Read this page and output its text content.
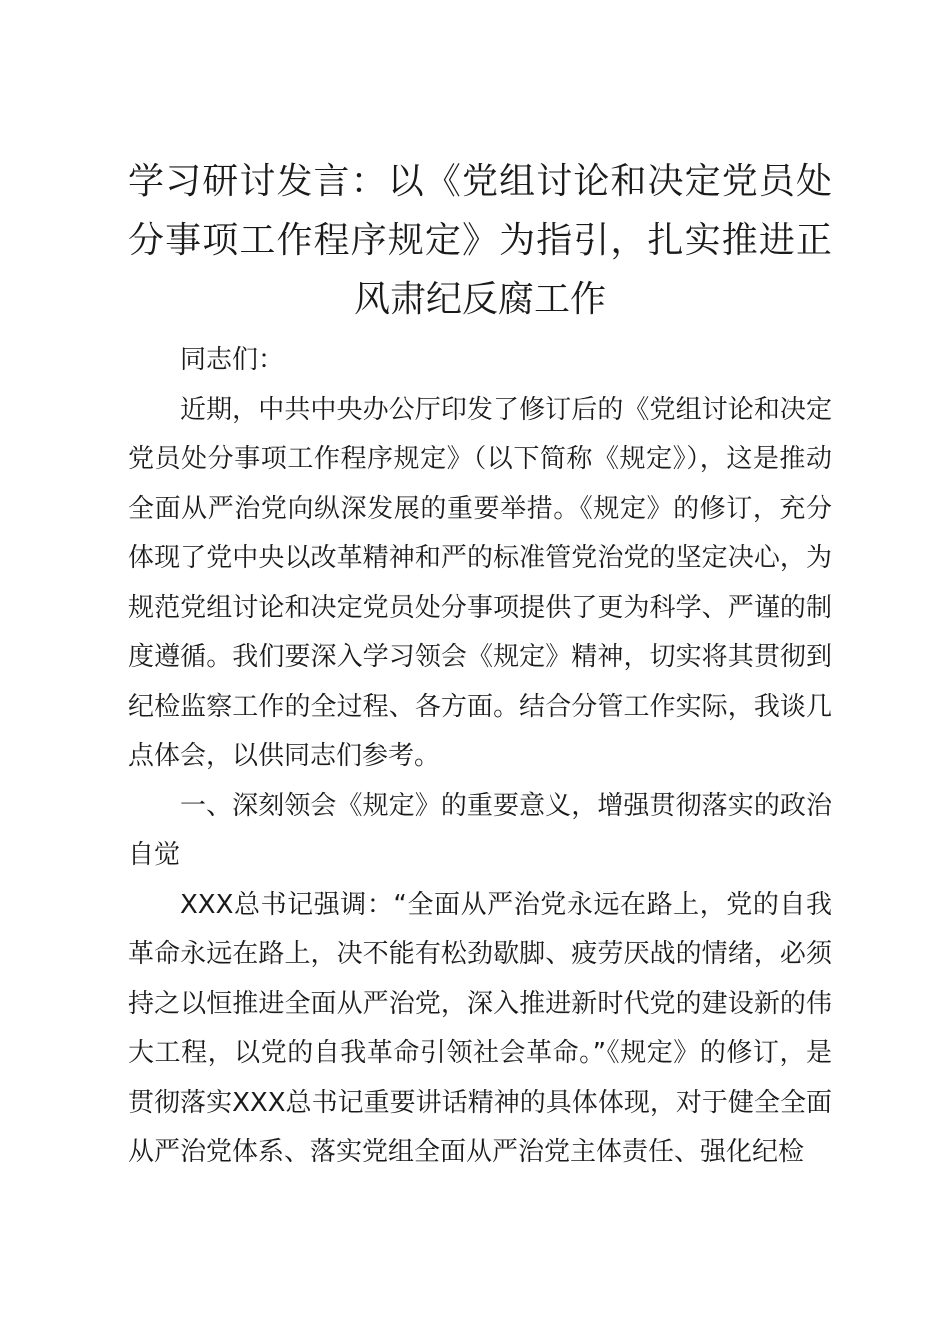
学习研讨发言：以《党组讨论和决定党员处分事项工作程序规定》为指引，扎实推进正风肃纪反腐工作

同志们：

近期，中共中央办公厅印发了修订后的《党组讨论和决定党员处分事项工作程序规定》（以下简称《规定》），这是推动全面从严治党向纵深发展的重要举措。《规定》的修订，充分体现了党中央以改革精神和严的标准管党治党的坚定决心，为规范党组讨论和决定党员处分事项提供了更为科学、严谨的制度遵循。我们要深入学习领会《规定》精神，切实将其贯彻到纪检监察工作的全过程、各方面。结合分管工作实际，我谈几点体会，以供同志们参考。

一、深刻领会《规定》的重要意义，增强贯彻落实的政治自觉

XXX总书记强调：“全面从严治党永远在路上，党的自我革命永远在路上，决不能有松劲歇脚、疲劳厌战的情绪，必须持之以恒推进全面从严治党，深入推进新时代党的建设新的伟大工程，以党的自我革命引领社会革命。”《规定》的修订，是贯彻落实XXX总书记重要讲话精神的具体体现，对于健全全面从严治党体系、落实党组全面从严治党主体责任、强化纪检
